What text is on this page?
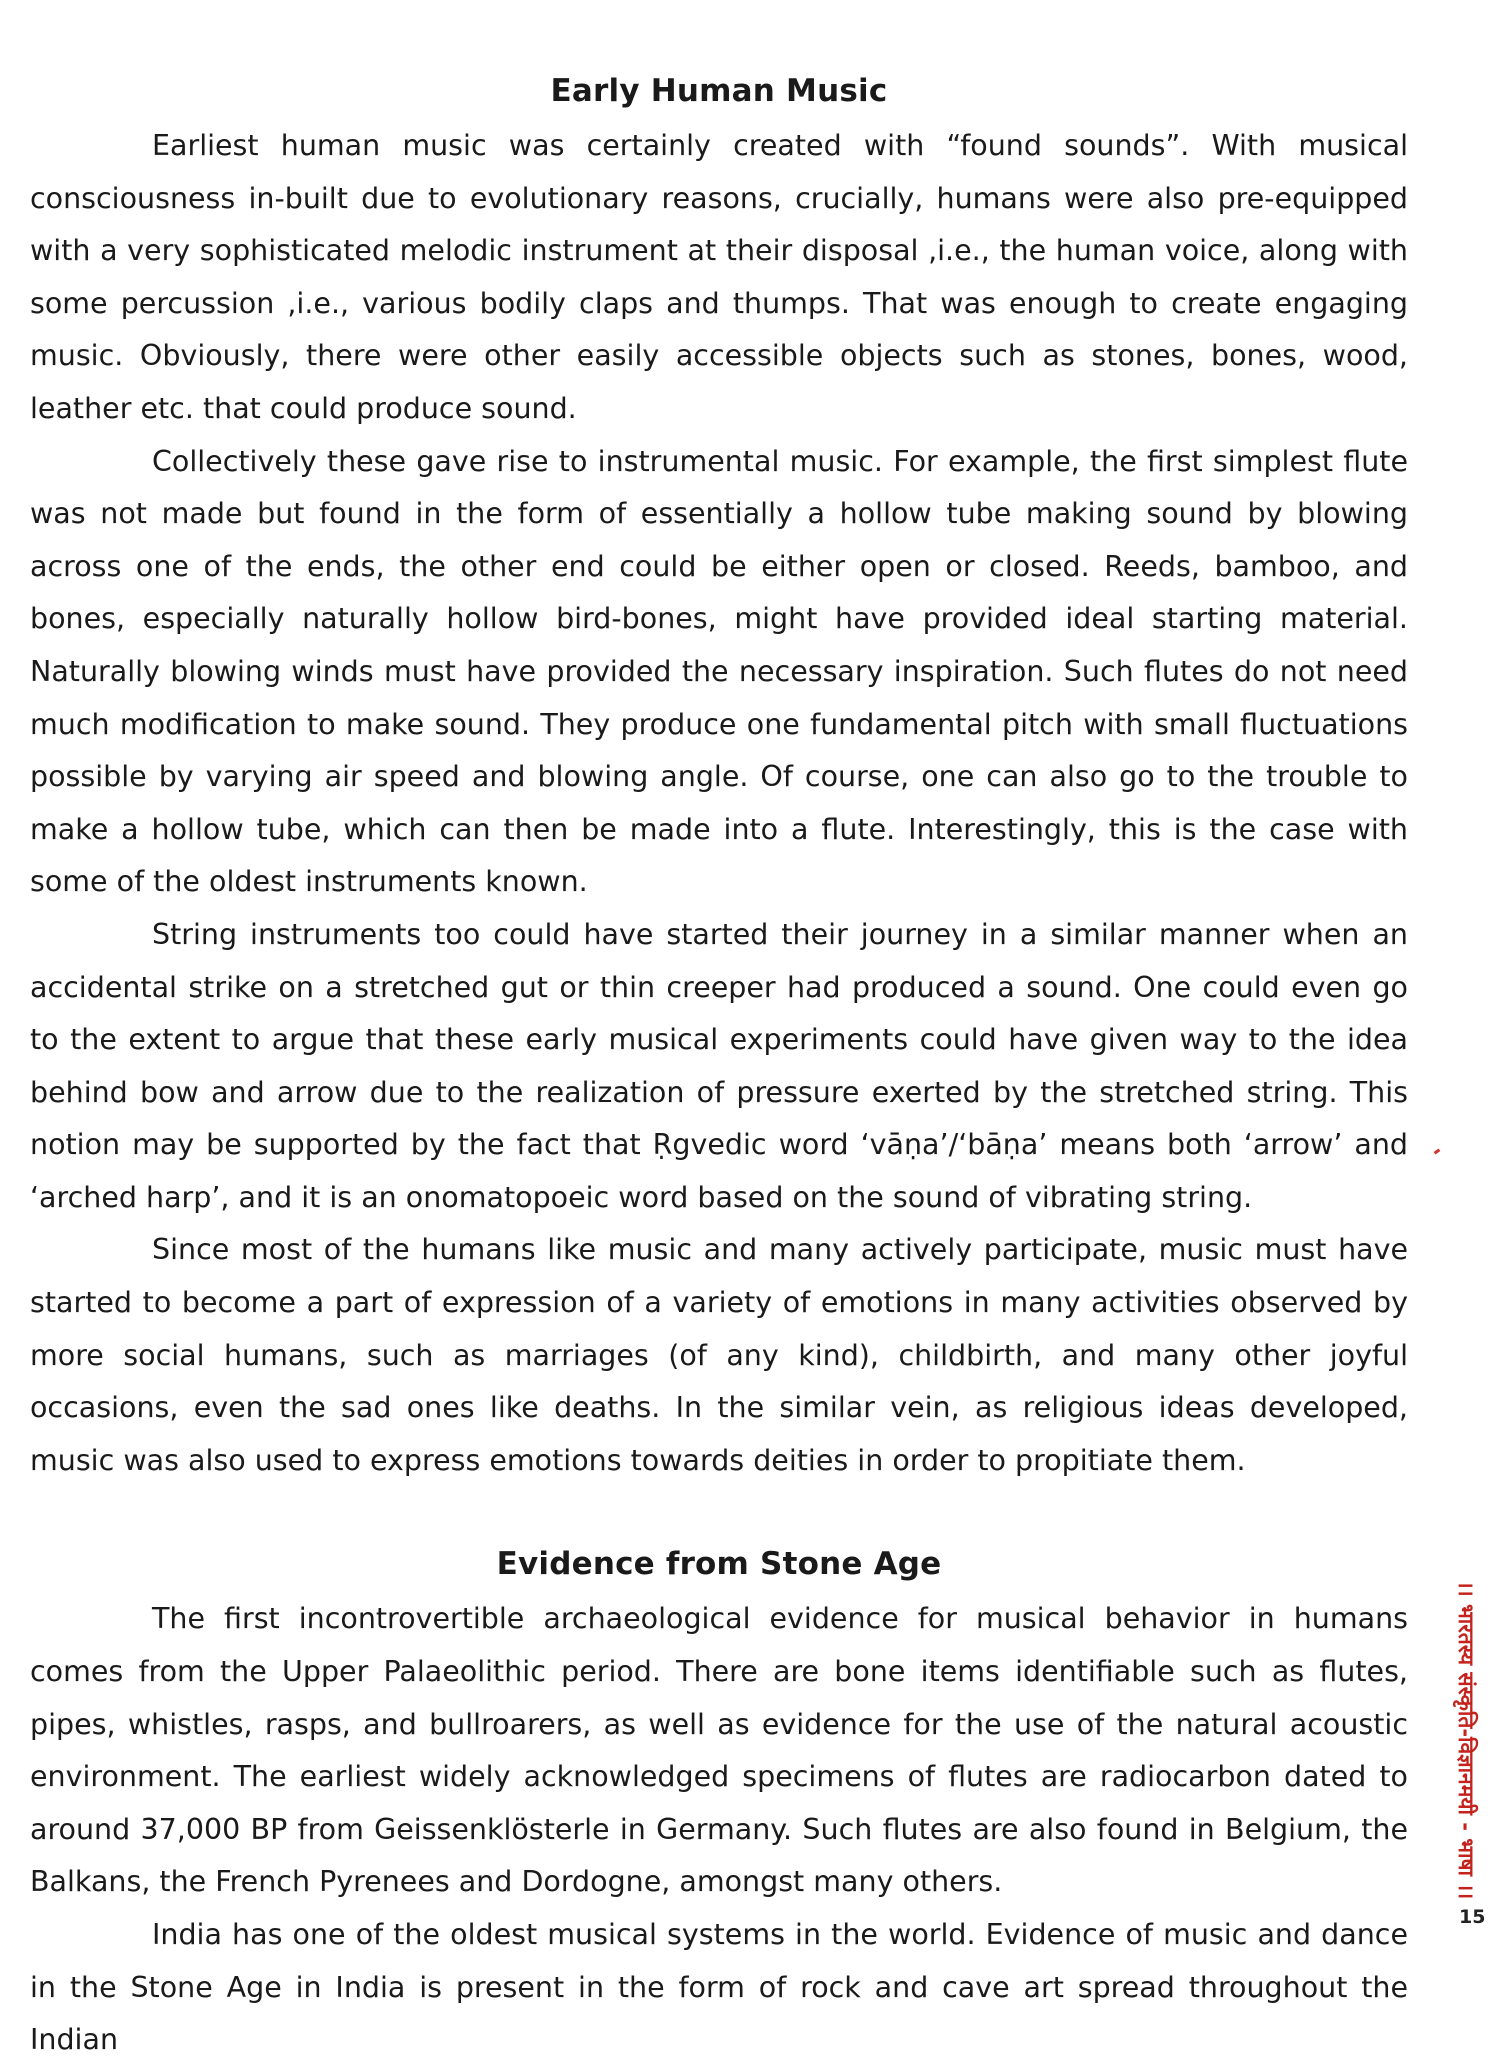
Early Human Music

Earliest human music was certainly created with “found sounds”. With musical consciousness in-built due to evolutionary reasons, crucially, humans were also pre-equipped with a very sophisticated melodic instrument at their disposal ,i.e., the human voice, along with some percussion ,i.e., various bodily claps and thumps. That was enough to create engaging music. Obviously, there were other easily accessible objects such as stones, bones, wood, leather etc. that could produce sound.

Collectively these gave rise to instrumental music. For example, the first simplest flute was not made but found in the form of essentially a hollow tube making sound by blowing across one of the ends, the other end could be either open or closed. Reeds, bamboo, and bones, especially naturally hollow bird-bones, might have provided ideal starting material. Naturally blowing winds must have provided the necessary inspiration. Such flutes do not need much modification to make sound. They produce one fundamental pitch with small fluctuations possible by varying air speed and blowing angle. Of course, one can also go to the trouble to make a hollow tube, which can then be made into a flute. Interestingly, this is the case with some of the oldest instruments known.

String instruments too could have started their journey in a similar manner when an accidental strike on a stretched gut or thin creeper had produced a sound. One could even go to the extent to argue that these early musical experiments could have given way to the idea behind bow and arrow due to the realization of pressure exerted by the stretched string. This notion may be supported by the fact that Ṛgvedic word ‘vāṇa’/‘bāṇa’ means both ‘arrow’ and ‘arched harp’, and it is an onomatopoeic word based on the sound of vibrating string.

Since most of the humans like music and many actively participate, music must have started to become a part of expression of a variety of emotions in many activities observed by more social humans, such as marriages (of any kind), childbirth, and many other joyful occasions, even the sad ones like deaths. In the similar vein, as religious ideas developed, music was also used to express emotions towards deities in order to propitiate them.

Evidence from Stone Age

The first incontrovertible archaeological evidence for musical behavior in humans comes from the Upper Palaeolithic period. There are bone items identifiable such as flutes, pipes, whistles, rasps, and bullroarers, as well as evidence for the use of the natural acoustic environment. The earliest widely acknowledged specimens of flutes are radiocarbon dated to around 37,000 BP from Geissenklösterle in Germany. Such flutes are also found in Belgium, the Balkans, the French Pyrenees and Dordogne, amongst many others.

India has one of the oldest musical systems in the world. Evidence of music and dance in the Stone Age in India is present in the form of rock and cave art spread throughout the Indian

।। भारतस्य संस्कृति-विज्ञानमयी - भाषा ।।
15
